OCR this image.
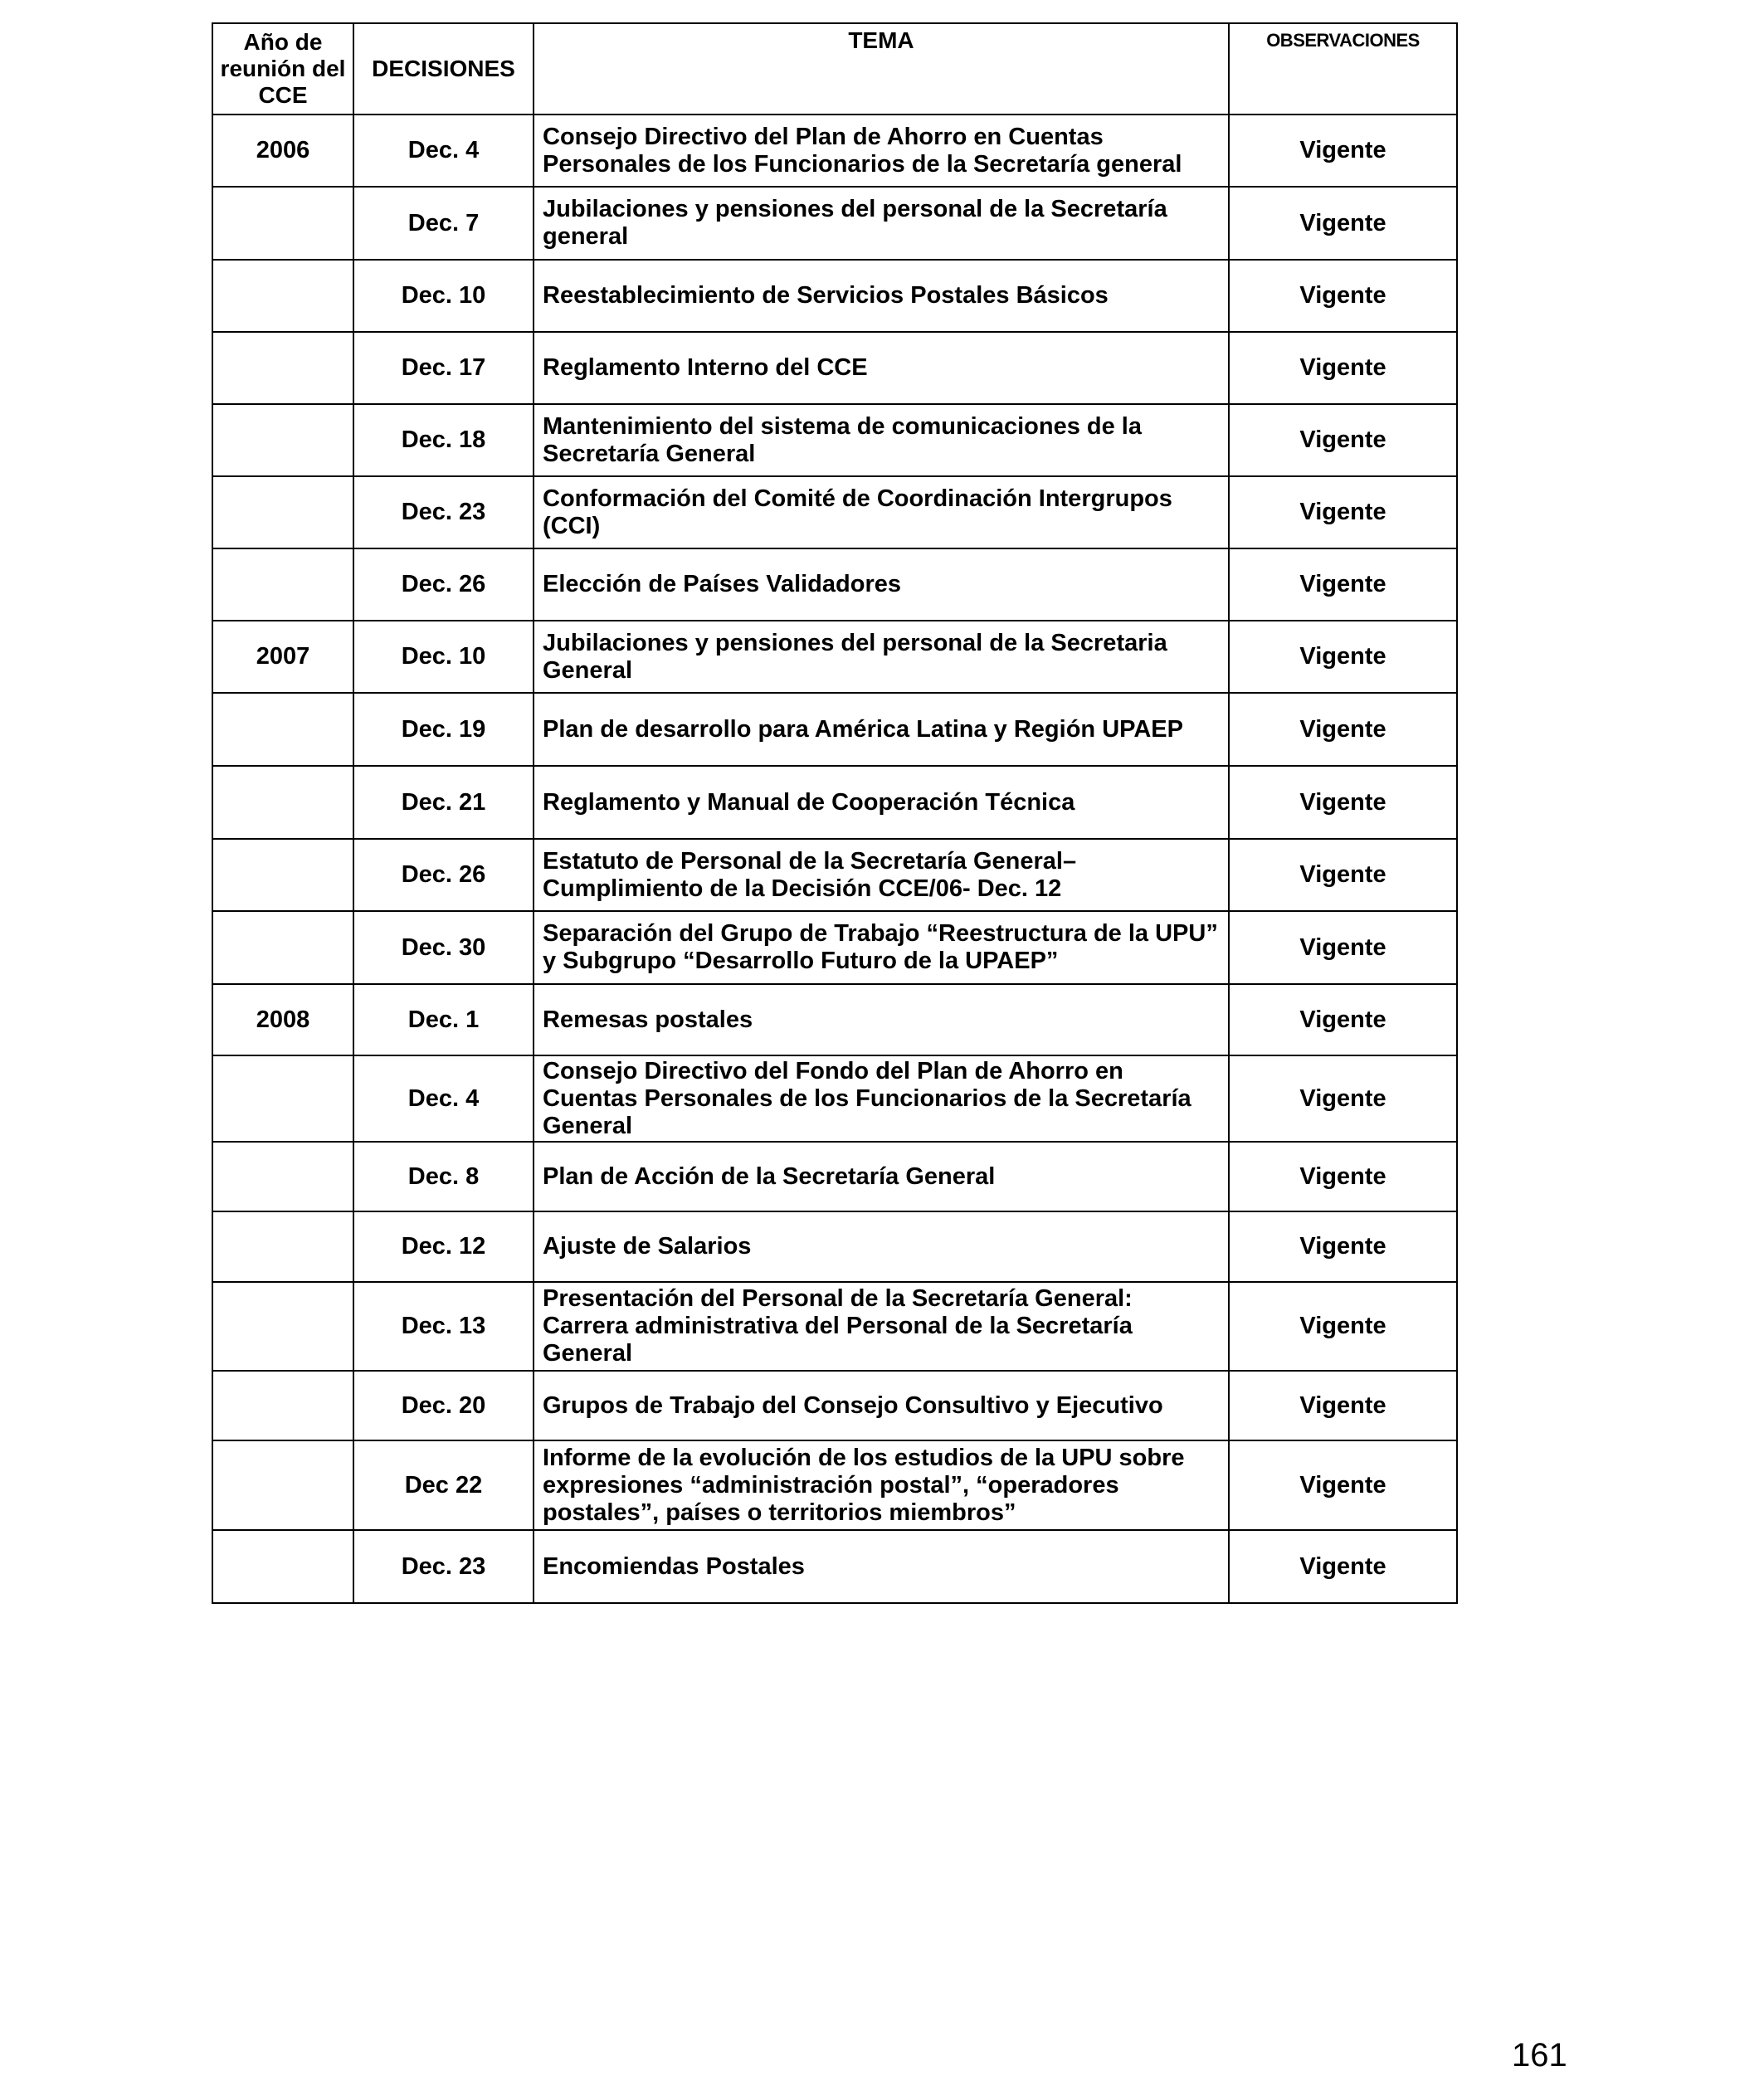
Año de reunión del CCE	DECISIONES	TEMA	OBSERVACIONES
2006	Dec. 4	Consejo Directivo del Plan de Ahorro en Cuentas Personales de los Funcionarios de la Secretaría general	Vigente
	Dec. 7	Jubilaciones y pensiones del personal de la Secretaría general	Vigente
	Dec. 10	Reestablecimiento de Servicios Postales Básicos	Vigente
	Dec. 17	Reglamento Interno del CCE	Vigente
	Dec. 18	Mantenimiento del sistema de comunicaciones de la Secretaría General	Vigente
	Dec. 23	Conformación del Comité de Coordinación Intergrupos (CCI)	Vigente
	Dec. 26	Elección de Países Validadores	Vigente
2007	Dec. 10	Jubilaciones y pensiones del personal de la Secretaria General	Vigente
	Dec. 19	Plan de desarrollo para América Latina y Región UPAEP	Vigente
	Dec. 21	Reglamento y Manual de Cooperación Técnica	Vigente
	Dec. 26	Estatuto de Personal de la Secretaría General– Cumplimiento de la Decisión CCE/06- Dec. 12	Vigente
	Dec. 30	Separación del Grupo de Trabajo “Reestructura de la UPU” y Subgrupo “Desarrollo Futuro de la UPAEP”	Vigente
2008	Dec. 1	Remesas postales	Vigente
	Dec. 4	Consejo Directivo del Fondo del Plan de Ahorro en Cuentas Personales de los Funcionarios de la Secretaría General	Vigente
	Dec. 8	Plan de Acción de la Secretaría General	Vigente
	Dec. 12	Ajuste de Salarios	Vigente
	Dec. 13	Presentación del Personal de la Secretaría General: Carrera administrativa del Personal de la Secretaría General	Vigente
	Dec. 20	Grupos de Trabajo del Consejo Consultivo y Ejecutivo	Vigente
	Dec 22	Informe de la evolución de los estudios de la UPU sobre expresiones “administración postal”, “operadores postales”, países o territorios miembros”	Vigente
	Dec. 23	Encomiendas Postales	Vigente
161
